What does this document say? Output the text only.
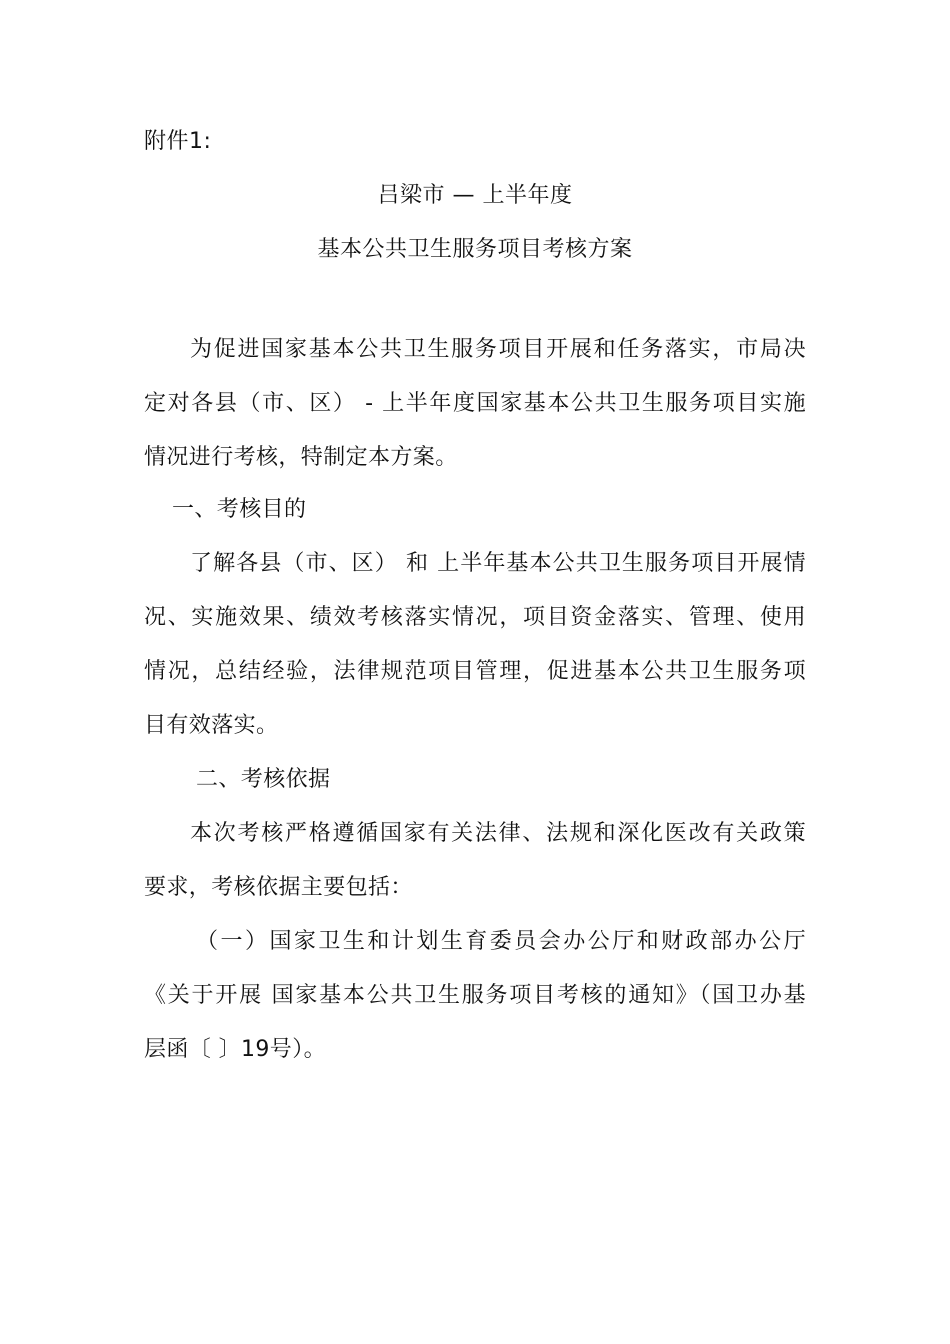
附件1:
吕梁市 — 上半年度
基本公共卫生服务项目考核方案
为促进国家基本公共卫生服务项目开展和任务落实，市局决
定对各县（市、区） - 上半年度国家基本公共卫生服务项目实施
情况进行考核，特制定本方案。
一、考核目的
了解各县（市、区） 和 上半年基本公共卫生服务项目开展情
况、实施效果、绩效考核落实情况，项目资金落实、管理、使用
情况，总结经验，法律规范项目管理，促进基本公共卫生服务项
目有效落实。
二、考核依据
本次考核严格遵循国家有关法律、法规和深化医改有关政策
要求，考核依据主要包括：
（一）国家卫生和计划生育委员会办公厅和财政部办公厅
《关于开展 国家基本公共卫生服务项目考核的通知》（国卫办基
层函〔 〕19号）。
